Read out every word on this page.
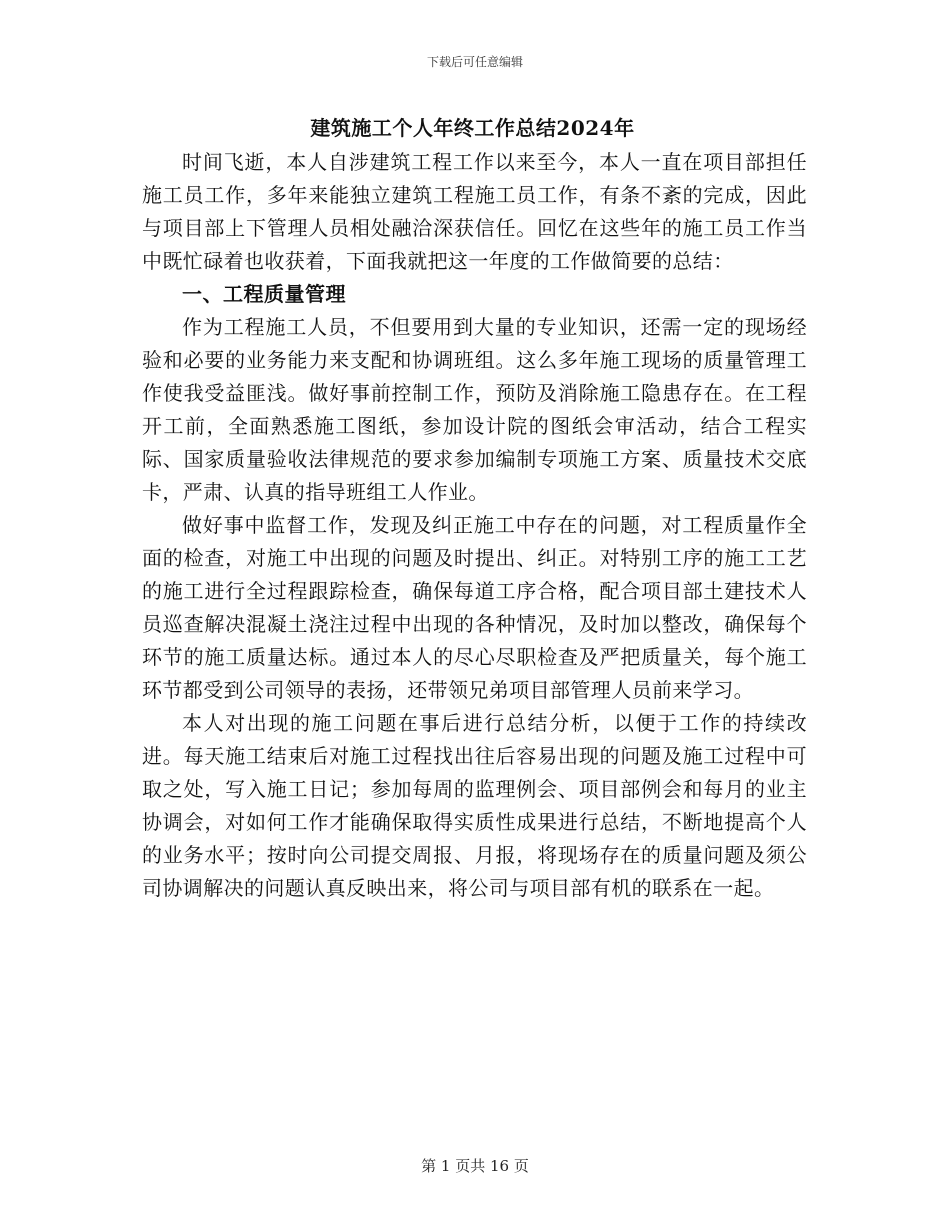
下载后可任意编辑
建筑施工个人年终工作总结2024年

时间飞逝，本人自涉建筑工程工作以来至今，本人一直在项目部担任施工员工作，多年来能独立建筑工程施工员工作，有条不紊的完成，因此与项目部上下管理人员相处融洽深获信任。回忆在这些年的施工员工作当中既忙碌着也收获着，下面我就把这一年度的工作做简要的总结：

一、工程质量管理

作为工程施工人员，不但要用到大量的专业知识，还需一定的现场经验和必要的业务能力来支配和协调班组。这么多年施工现场的质量管理工作使我受益匪浅。做好事前控制工作，预防及消除施工隐患存在。在工程开工前，全面熟悉施工图纸，参加设计院的图纸会审活动，结合工程实际、国家质量验收法律规范的要求参加编制专项施工方案、质量技术交底卡，严肃、认真的指导班组工人作业。

做好事中监督工作，发现及纠正施工中存在的问题，对工程质量作全面的检查，对施工中出现的问题及时提出、纠正。对特别工序的施工工艺的施工进行全过程跟踪检查，确保每道工序合格，配合项目部土建技术人员巡查解决混凝土浇注过程中出现的各种情况，及时加以整改，确保每个环节的施工质量达标。通过本人的尽心尽职检查及严把质量关，每个施工环节都受到公司领导的表扬，还带领兄弟项目部管理人员前来学习。

本人对出现的施工问题在事后进行总结分析，以便于工作的持续改进。每天施工结束后对施工过程找出往后容易出现的问题及施工过程中可取之处，写入施工日记；参加每周的监理例会、项目部例会和每月的业主协调会，对如何工作才能确保取得实质性成果进行总结，不断地提高个人的业务水平；按时向公司提交周报、月报，将现场存在的质量问题及须公司协调解决的问题认真反映出来，将公司与项目部有机的联系在一起。

第 1 页共 16 页
